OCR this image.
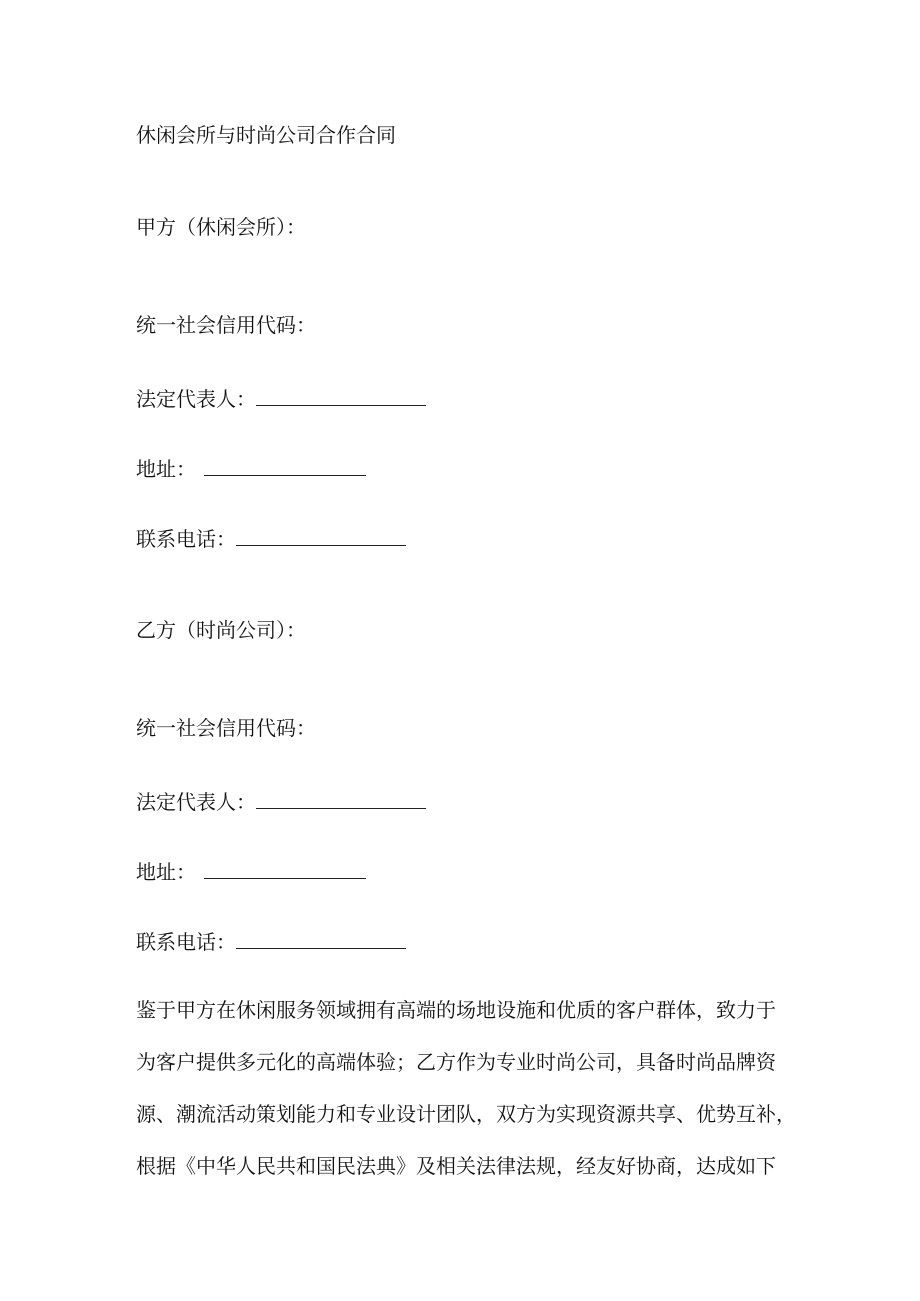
休闲会所与时尚公司合作合同
甲方（休闲会所）：
统一社会信用代码：
法定代表人：
地址：
联系电话：
乙方（时尚公司）：
统一社会信用代码：
法定代表人：
地址：
联系电话：
鉴于甲方在休闲服务领域拥有高端的场地设施和优质的客户群体，致力于
为客户提供多元化的高端体验；乙方作为专业时尚公司，具备时尚品牌资
源、潮流活动策划能力和专业设计团队，双方为实现资源共享、优势互补，
根据《中华人民共和国民法典》及相关法律法规，经友好协商，达成如下
